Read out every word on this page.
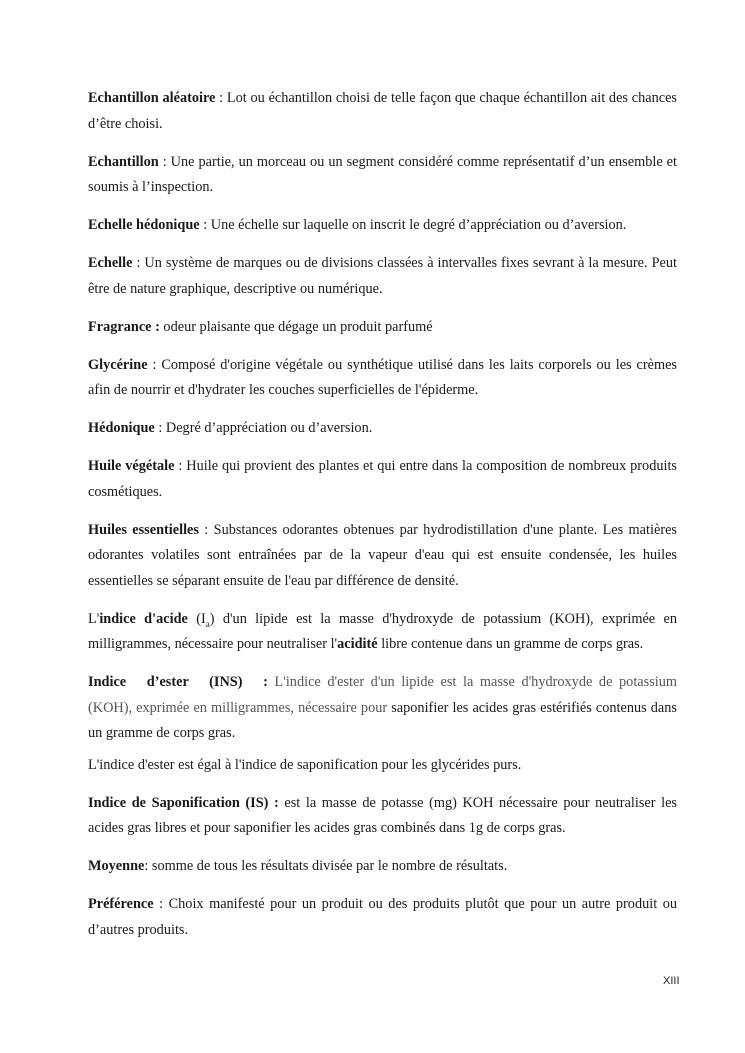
Echantillon aléatoire : Lot ou échantillon choisi de telle façon que chaque échantillon ait des chances d’être choisi.

Echantillon : Une partie, un morceau ou un segment considéré comme représentatif d’un ensemble et soumis à l’inspection.

Echelle hédonique : Une échelle sur laquelle on inscrit le degré d’appréciation ou d’aversion.

Echelle : Un système de marques ou de divisions classées à intervalles fixes sevrant à la mesure. Peut être de nature graphique, descriptive ou numérique.

Fragrance : odeur plaisante que dégage un produit parfumé

Glycérine : Composé d'origine végétale ou synthétique utilisé dans les laits corporels ou les crèmes afin de nourrir et d'hydrater les couches superficielles de l'épiderme.

Hédonique : Degré d’appréciation ou d’aversion.

Huile végétale : Huile qui provient des plantes et qui entre dans la composition de nombreux produits cosmétiques.

Huiles essentielles : Substances odorantes obtenues par hydrodistillation d'une plante. Les matières odorantes volatiles sont entraînées par de la vapeur d'eau qui est ensuite condensée, les huiles essentielles se séparant ensuite de l'eau par différence de densité.

L'indice d'acide $(I_a)$ d'un lipide est la masse d'hydroxyde de potassium (KOH), exprimée en milligrammes, nécessaire pour neutraliser l'acidité libre contenue dans un gramme de corps gras.

Indice d’ester (INS) : L'indice d'ester d'un lipide est la masse d'hydroxyde de potassium (KOH), exprimée en milligrammes, nécessaire pour saponifier les acides gras estérifiés contenus dans un gramme de corps gras.

L'indice d'ester est égal à l'indice de saponification pour les glycérides purs.

Indice de Saponification (IS) : est la masse de potasse (mg) KOH nécessaire pour neutraliser les acides gras libres et pour saponifier les acides gras combinés dans 1g de corps gras.

Moyenne: somme de tous les résultats divisée par le nombre de résultats.

Préférence : Choix manifesté pour un produit ou des produits plutôt que pour un autre produit ou d’autres produits.

XIII
